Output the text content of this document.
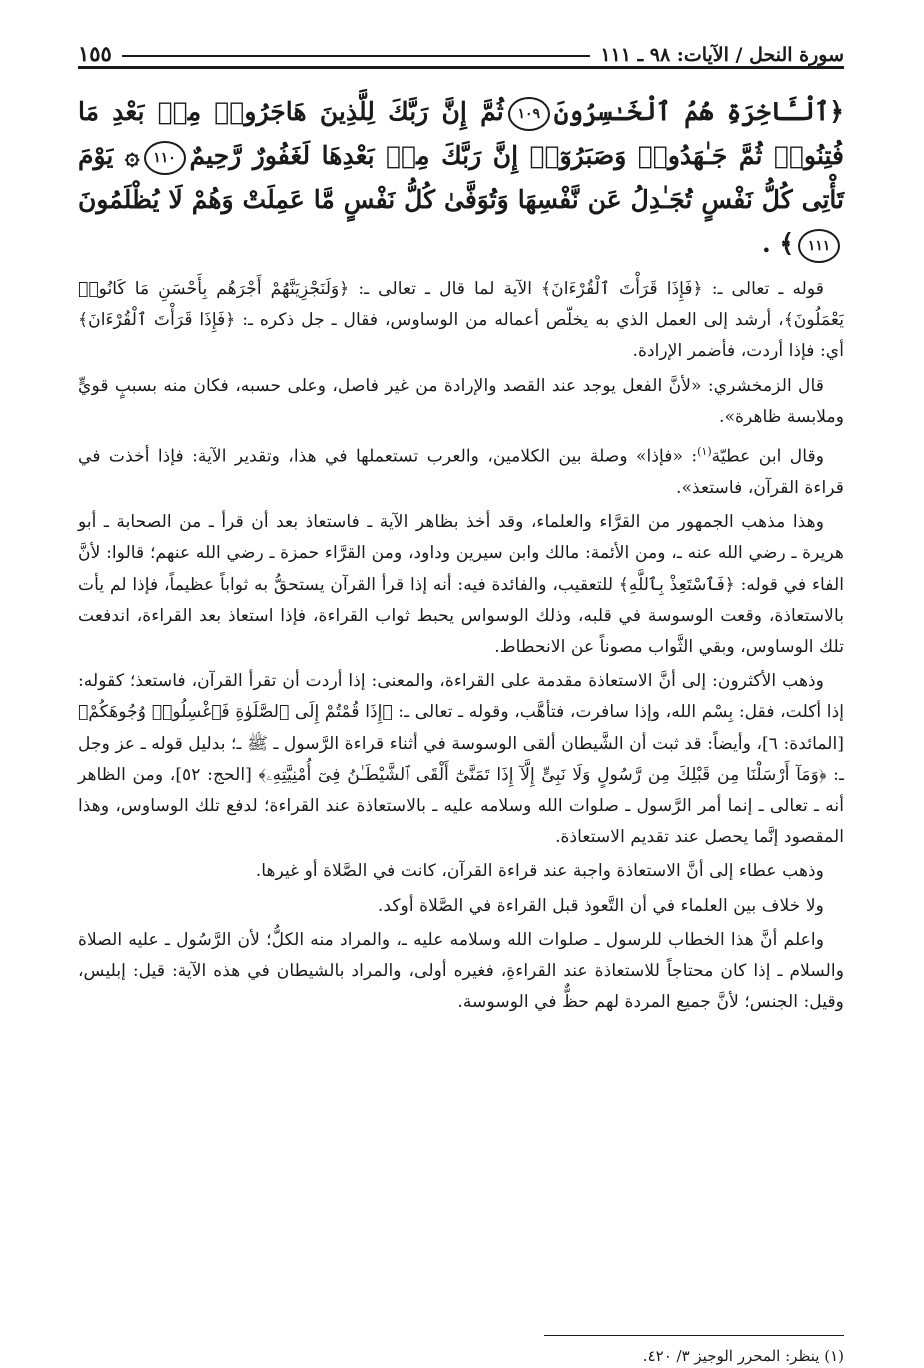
سورة النحل / الآيات: ٩٨ ـ ١١١
١٥٥

﴿ٱلْـَٔاخِرَةِ هُمُ ٱلْخَـٰسِرُونَ١٠٩ثُمَّ إِنَّ رَبَّكَ لِلَّذِينَ هَاجَرُوا۟ مِنۢ بَعْدِ مَا فُتِنُوا۟ ثُمَّ جَـٰهَدُوا۟ وَصَبَرُوٓا۟ إِنَّ رَبَّكَ مِنۢ بَعْدِهَا لَغَفُورٌ رَّحِيمٌ١١٠۞ يَوْمَ تَأْتِى كُلُّ نَفْسٍ تُجَـٰدِلُ عَن نَّفْسِهَا وَتُوَفَّىٰ كُلُّ نَفْسٍ مَّا عَمِلَتْ وَهُمْ لَا يُظْلَمُونَ١١١﴾ .

قوله ـ تعالى ـ: ﴿فَإِذَا قَرَأْتَ ٱلْقُرْءَانَ﴾ الآية لما قال ـ تعالى ـ: ﴿وَلَنَجْزِيَنَّهُمْ أَجْرَهُم بِأَحْسَنِ مَا كَانُوا۟ يَعْمَلُونَ﴾، أرشد إلى العمل الذي به يخلّص أعماله من الوساوس، فقال ـ جل ذكره ـ: ﴿فَإِذَا قَرَأْتَ ٱلْقُرْءَانَ﴾ أي: فإذا أردت، فأضمر الإرادة.

قال الزمخشري: «لأنَّ الفعل يوجد عند القصد والإرادة من غير فاصل، وعلى حسبه، فكان منه بسببٍ قويٍّ وملابسة ظاهرة».

وقال ابن عطيّة$^{(١)}$: «فإذا» وصلة بين الكلامين، والعرب تستعملها في هذا، وتقدير الآية: فإذا أخذت في قراءة القرآن، فاستعذ».

وهذا مذهب الجمهور من القرَّاء والعلماء، وقد أخذ بظاهر الآية ـ فاستعاذ بعد أن قرأ ـ من الصحابة ـ أبو هريرة ـ رضي الله عنه ـ، ومن الأئمة: مالك وابن سيرين وداود، ومن القرَّاء حمزة ـ رضي الله عنهم؛ قالوا: لأنَّ الفاء في قوله: ﴿فَٱسْتَعِذْ بِٱللَّهِ﴾ للتعقيب، والفائدة فيه: أنه إذا قرأ القرآن يستحقُّ به ثواباً عظيماً، فإذا لم يأت بالاستعاذة، وقعت الوسوسة في قلبه، وذلك الوسواس يحبط ثواب القراءة، فإذا استعاذ بعد القراءة، اندفعت تلك الوساوس، وبقي الثَّواب مصوناً عن الانحطاط.

وذهب الأكثرون: إلى أنَّ الاستعاذة مقدمة على القراءة، والمعنى: إذا أردت أن تقرأ القرآن، فاستعذ؛ كقوله: إذا أكلت، فقل: بِسْم الله، وإذا سافرت، فتأهَّب، وقوله ـ تعالى ـ: ﴿إِذَا قُمْتُمْ إِلَى ٱلصَّلَوٰةِ فَٱغْسِلُوا۟ وُجُوهَكُمْ﴾ [المائدة: ٦]، وأيضاً: قد ثبت أن الشَّيطان ألقى الوسوسة في أثناء قراءة الرَّسول ـ ﷺ ـ؛ بدليل قوله ـ عز وجل ـ: ﴿وَمَآ أَرْسَلْنَا مِن قَبْلِكَ مِن رَّسُولٍ وَلَا نَبِىٍّ إِلَّآ إِذَا تَمَنَّىٰٓ أَلْقَى ٱلشَّيْطَـٰنُ فِىٓ أُمْنِيَّتِهِۦ﴾ [الحج: ٥٢]، ومن الظاهر أنه ـ تعالى ـ إنما أمر الرَّسول ـ صلوات الله وسلامه عليه ـ بالاستعاذة عند القراءة؛ لدفع تلك الوساوس، وهذا المقصود إنَّما يحصل عند تقديم الاستعاذة.

وذهب عطاء إلى أنَّ الاستعاذة واجبة عند قراءة القرآن، كانت في الصَّلاة أو غيرها.

ولا خلاف بين العلماء في أن التَّعوذ قبل القراءة في الصَّلاة أوكد.

واعلم أنَّ هذا الخطاب للرسول ـ صلوات الله وسلامه عليه ـ، والمراد منه الكلُّ؛ لأن الرَّسُول ـ عليه الصلاة والسلام ـ إذا كان محتاجاً للاستعاذة عند القراءةِ، فغيره أولى، والمراد بالشيطان في هذه الآية: قيل: إبليس، وقيل: الجنس؛ لأنَّ جميع المردة لهم حظٌّ في الوسوسة.

(١) ينظر: المحرر الوجيز ٣/ ٤٢٠.
